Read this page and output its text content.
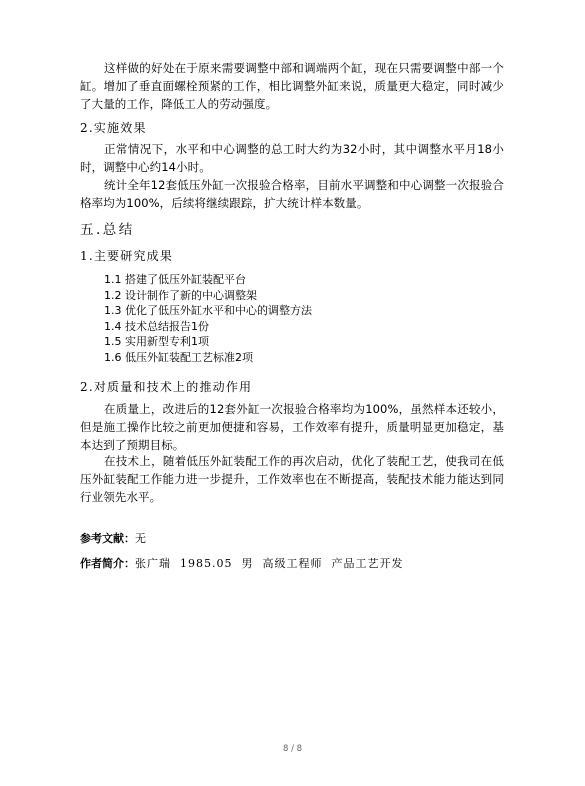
这样做的好处在于原来需要调整中部和调端两个缸，现在只需要调整中部一个缸。增加了垂直面螺栓预紧的工作，相比调整外缸来说，质量更大稳定，同时减少了大量的工作，降低工人的劳动强度。
2.实施效果
正常情况下，水平和中心调整的总工时大约为32小时，其中调整水平月18小时，调整中心约14小时。
统计全年12套低压外缸一次报验合格率，目前水平调整和中心调整一次报验合格率均为100%，后续将继续跟踪，扩大统计样本数量。
五.总结
1.主要研究成果
1.1 搭建了低压外缸装配平台
1.2 设计制作了新的中心调整架
1.3 优化了低压外缸水平和中心的调整方法
1.4 技术总结报告1份
1.5 实用新型专利1项
1.6 低压外缸装配工艺标准2项
2.对质量和技术上的推动作用
在质量上，改进后的12套外缸一次报验合格率均为100%，虽然样本还较小，但是施工操作比较之前更加便捷和容易，工作效率有提升，质量明显更加稳定，基本达到了预期目标。
在技术上，随着低压外缸装配工作的再次启动，优化了装配工艺，使我司在低压外缸装配工作能力进一步提升，工作效率也在不断提高，装配技术能力能达到同行业领先水平。
参考文献：无
作者简介：张广瑞  1985.05  男  高级工程师  产品工艺开发
8 / 8
